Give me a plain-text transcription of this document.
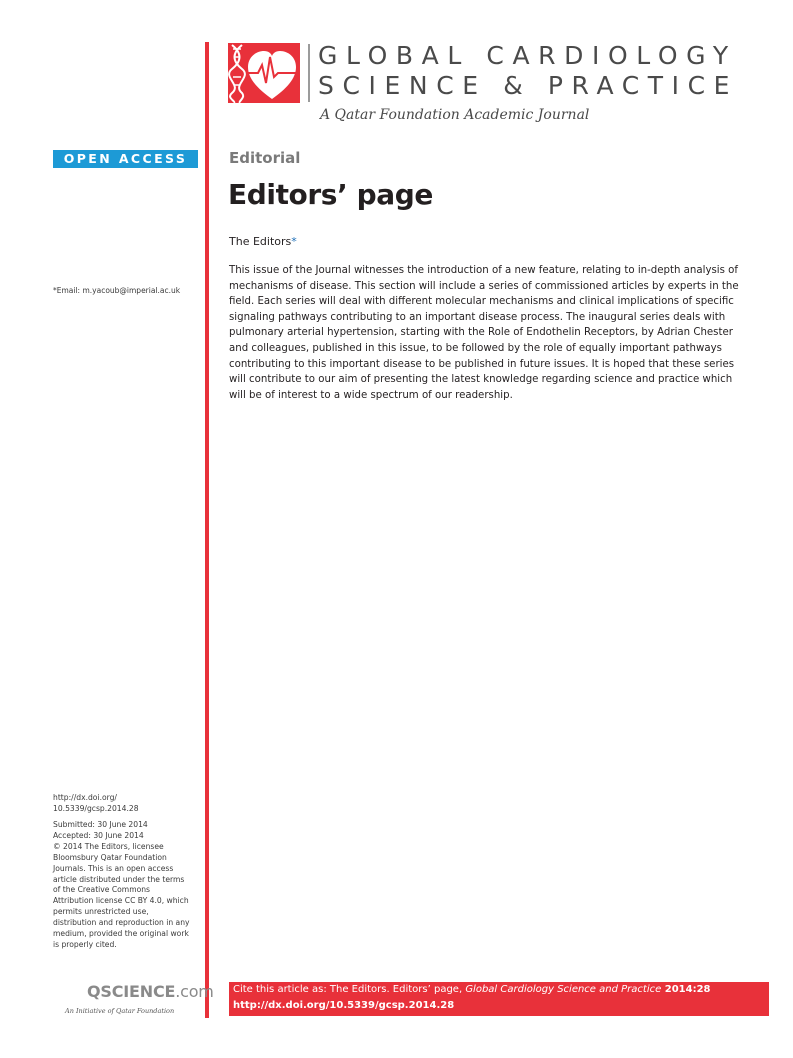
GLOBAL CARDIOLOGY
SCIENCE & PRACTICE
A Qatar Foundation Academic Journal
OPEN ACCESS
*Email: m.yacoub@imperial.ac.uk
http://dx.doi.org/
10.5339/gcsp.2014.28
Submitted: 30 June 2014
Accepted: 30 June 2014
© 2014 The Editors, licensee
Bloomsbury Qatar Foundation
Journals. This is an open access
article distributed under the terms
of the Creative Commons
Attribution license CC BY 4.0, which
permits unrestricted use,
distribution and reproduction in any
medium, provided the original work
is properly cited.
QSCIENCE.com
An Initiative of Qatar Foundation
Editorial
Editors’ page
The Editors*

This issue of the Journal witnesses the introduction of a new feature, relating to in-depth analysis of mechanisms of disease. This section will include a series of commissioned articles by experts in the field. Each series will deal with different molecular mechanisms and clinical implications of specific signaling pathways contributing to an important disease process. The inaugural series deals with pulmonary arterial hypertension, starting with the Role of Endothelin Receptors, by Adrian Chester and colleagues, published in this issue, to be followed by the role of equally important pathways contributing to this important disease to be published in future issues. It is hoped that these series will contribute to our aim of presenting the latest knowledge regarding science and practice which will be of interest to a wide spectrum of our readership.

Cite this article as: The Editors. Editors’ page, Global Cardiology Science and Practice 2014:28
http://dx.doi.org/10.5339/gcsp.2014.28
